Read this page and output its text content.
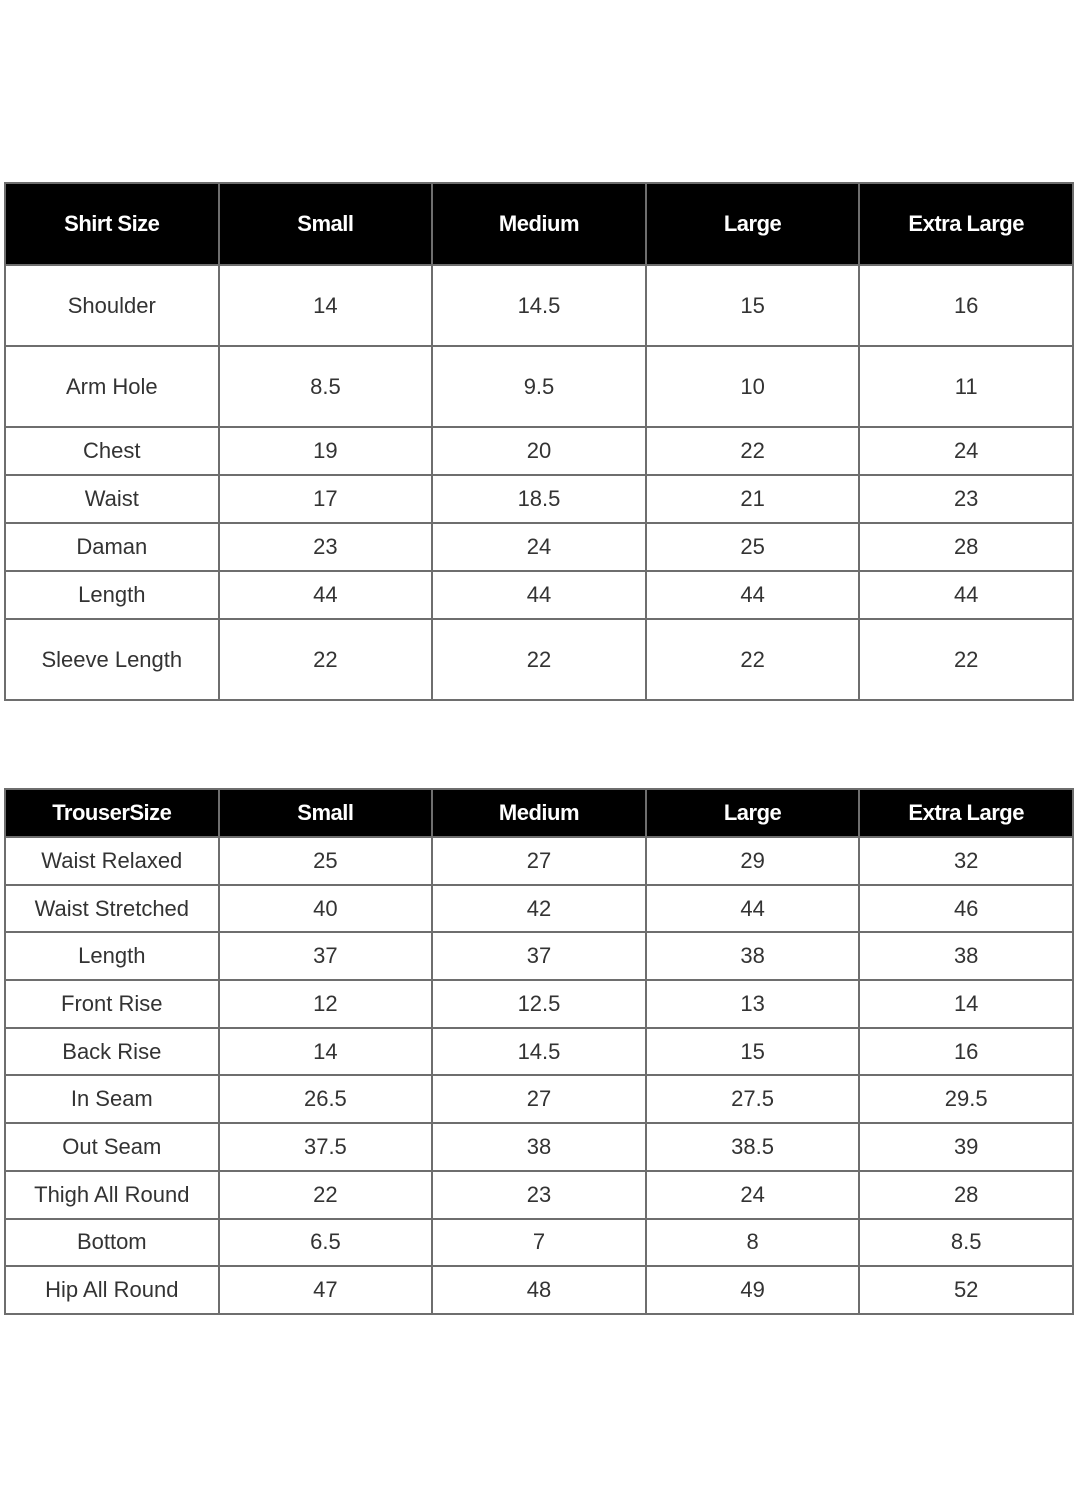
Shirt Size	Small	Medium	Large	Extra Large
Shoulder	14	14.5	15	16
Arm Hole	8.5	9.5	10	11
Chest	19	20	22	24
Waist	17	18.5	21	23
Daman	23	24	25	28
Length	44	44	44	44
Sleeve Length	22	22	22	22
TrouserSize	Small	Medium	Large	Extra Large
Waist Relaxed	25	27	29	32
Waist Stretched	40	42	44	46
Length	37	37	38	38
Front Rise	12	12.5	13	14
Back Rise	14	14.5	15	16
In Seam	26.5	27	27.5	29.5
Out Seam	37.5	38	38.5	39
Thigh All Round	22	23	24	28
Bottom	6.5	7	8	8.5
Hip All Round	47	48	49	52
